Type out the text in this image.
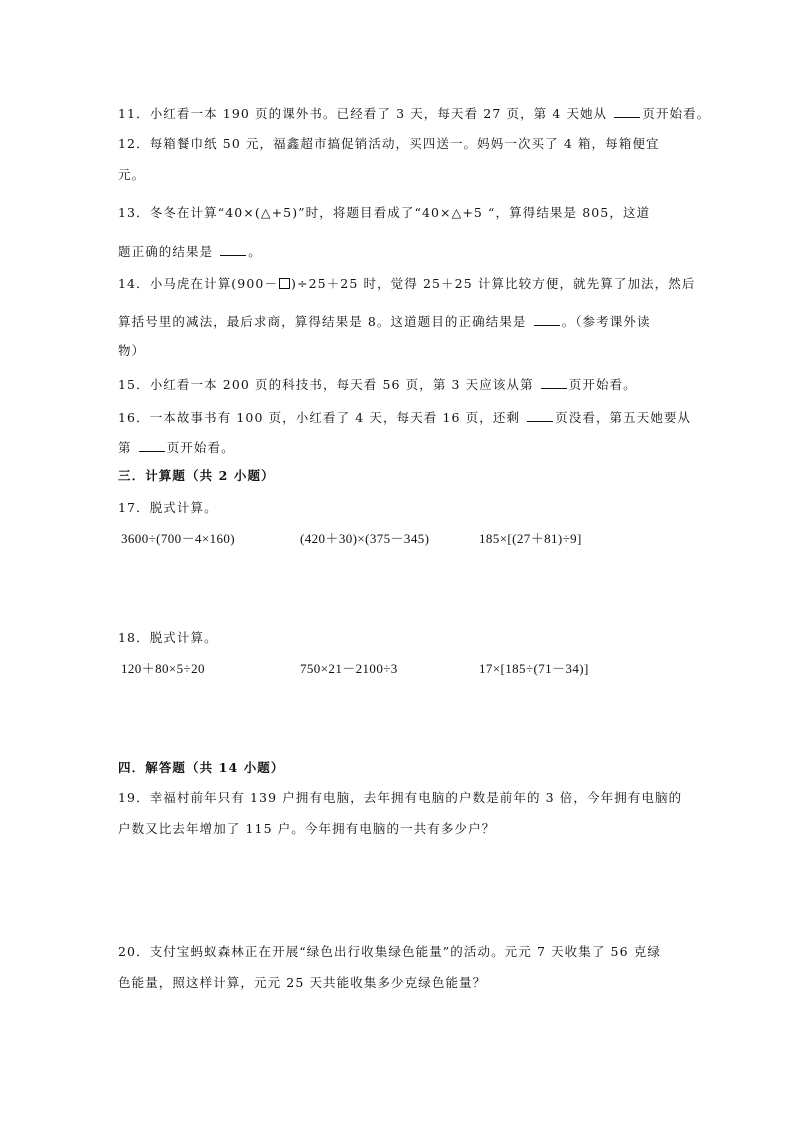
11．小红看一本 190 页的课外书。已经看了 3 天，每天看 27 页，第 4 天她从 页开始看。
12．每箱餐巾纸 50 元，福鑫超市搞促销活动，买四送一。妈妈一次买了 4 箱，每箱便宜
元。
13．冬冬在计算“40×(△+5)”时，将题目看成了“40×△+5 “，算得结果是 805，这道
题正确的结果是 。
14．小马虎在计算(900－ )÷25＋25 时，觉得 25＋25 计算比较方便，就先算了加法，然后
算括号里的减法，最后求商，算得结果是 8。这道题目的正确结果是 。（参考课外读
物）
15．小红看一本 200 页的科技书，每天看 56 页，第 3 天应该从第 页开始看。
16．一本故事书有 100 页，小红看了 4 天，每天看 16 页，还剩 页没看，第五天她要从
第 页开始看。
三．计算题（共 2 小题）
17．脱式计算。
3600÷(700－4×160)	(420＋30)×(375－345)	185×[(27＋81)÷9]
18．脱式计算。
120＋80×5÷20	750×21－2100÷3	17×[185÷(71－34)]
四．解答题（共 14 小题）
19．幸福村前年只有 139 户拥有电脑，去年拥有电脑的户数是前年的 3 倍，今年拥有电脑的
户数又比去年增加了 115 户。今年拥有电脑的一共有多少户？
20．支付宝蚂蚁森林正在开展“绿色出行收集绿色能量”的活动。元元 7 天收集了 56 克绿
色能量，照这样计算，元元 25 天共能收集多少克绿色能量？
